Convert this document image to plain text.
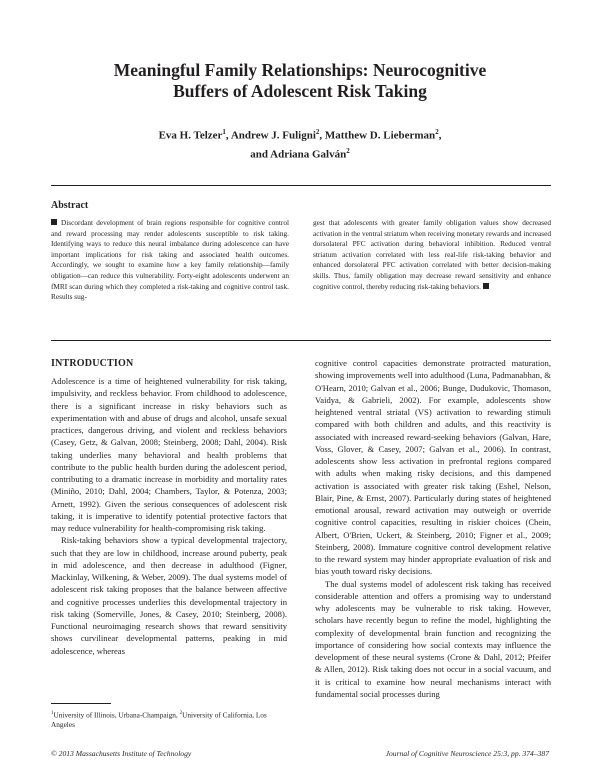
Meaningful Family Relationships: Neurocognitive
Buffers of Adolescent Risk Taking
Eva H. Telzer$^1$, Andrew J. Fuligni$^2$, Matthew D. Lieberman$^2$,
and Adriana Galván$^2$
Abstract

Discordant development of brain regions responsible for cognitive control and reward processing may render adolescents susceptible to risk taking. Identifying ways to reduce this neural imbalance during adolescence can have important implications for risk taking and associated health outcomes. Accordingly, we sought to examine how a key family relationship—family obligation—can reduce this vulnerability. Forty-eight adolescents underwent an fMRI scan during which they completed a risk-taking and cognitive control task. Results sug-

gest that adolescents with greater family obligation values show decreased activation in the ventral striatum when receiving monetary rewards and increased dorsolateral PFC activation during behavioral inhibition. Reduced ventral striatum activation correlated with less real-life risk-taking behavior and enhanced dorsolateral PFC activation correlated with better decision-making skills. Thus, family obligation may decrease reward sensitivity and enhance cognitive control, thereby reducing risk-taking behaviors.

INTRODUCTION

Adolescence is a time of heightened vulnerability for risk taking, impulsivity, and reckless behavior. From childhood to adolescence, there is a significant increase in risky behaviors such as experimentation with and abuse of drugs and alcohol, unsafe sexual practices, dangerous driving, and violent and reckless behaviors (Casey, Getz, & Galvan, 2008; Steinberg, 2008; Dahl, 2004). Risk taking underlies many behavioral and health problems that contribute to the public health burden during the adolescent period, contributing to a dramatic increase in morbidity and mortality rates (Miniño, 2010; Dahl, 2004; Chambers, Taylor, & Potenza, 2003; Arnett, 1992). Given the serious consequences of adolescent risk taking, it is imperative to identify potential protective factors that may reduce vulnerability for health-compromising risk taking.

Risk-taking behaviors show a typical developmental trajectory, such that they are low in childhood, increase around puberty, peak in mid adolescence, and then decrease in adulthood (Figner, Mackinlay, Wilkening, & Weber, 2009). The dual systems model of adolescent risk taking proposes that the balance between affective and cognitive processes underlies this developmental trajectory in risk taking (Somerville, Jones, & Casey, 2010; Steinberg, 2008). Functional neuroimaging research shows that reward sensitivity shows curvilinear developmental patterns, peaking in mid adolescence, whereas

cognitive control capacities demonstrate protracted maturation, showing improvements well into adulthood (Luna, Padmanabhan, & O'Hearn, 2010; Galvan et al., 2006; Bunge, Dudukovic, Thomason, Vaidya, & Gabrieli, 2002). For example, adolescents show heightened ventral striatal (VS) activation to rewarding stimuli compared with both children and adults, and this reactivity is associated with increased reward-seeking behaviors (Galvan, Hare, Voss, Glover, & Casey, 2007; Galvan et al., 2006). In contrast, adolescents show less activation in prefrontal regions compared with adults when making risky decisions, and this dampened activation is associated with greater risk taking (Eshel, Nelson, Blair, Pine, & Ernst, 2007). Particularly during states of heightened emotional arousal, reward activation may outweigh or override cognitive control capacities, resulting in riskier choices (Chein, Albert, O'Brien, Uckert, & Steinberg, 2010; Figner et al., 2009; Steinberg, 2008). Immature cognitive control development relative to the reward system may hinder appropriate evaluation of risk and bias youth toward risky decisions.

The dual systems model of adolescent risk taking has received considerable attention and offers a promising way to understand why adolescents may be vulnerable to risk taking. However, scholars have recently begun to refine the model, highlighting the complexity of developmental brain function and recognizing the importance of considering how social contexts may influence the development of these neural systems (Crone & Dahl, 2012; Pfeifer & Allen, 2012). Risk taking does not occur in a social vacuum, and it is critical to examine how neural mechanisms interact with fundamental social processes during

$^1$University of Illinois, Urbana-Champaign, $^2$University of California, Los Angeles
© 2013 Massachusetts Institute of Technology	Journal of Cognitive Neuroscience 25:3, pp. 374–387
